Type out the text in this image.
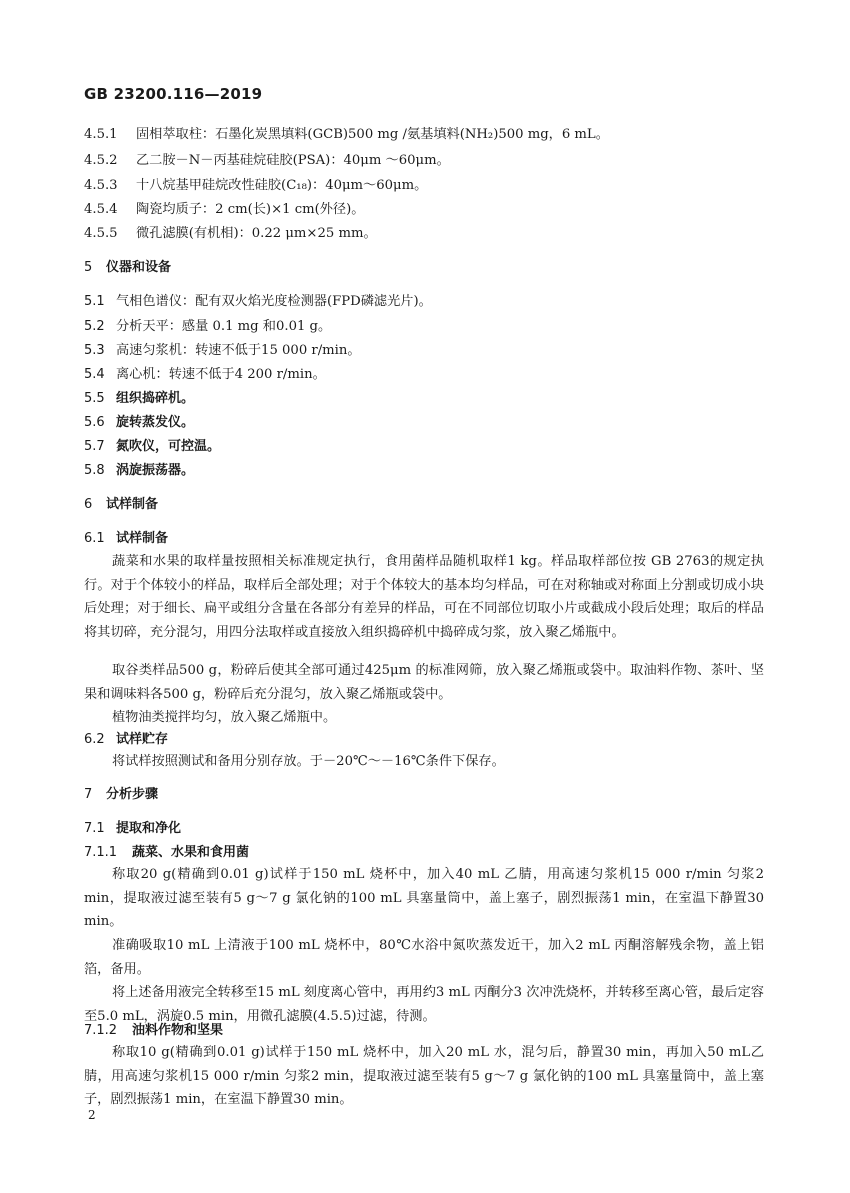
GB 23200.116—2019
4.5.1 固相萃取柱：石墨化炭黑填料(GCB)500 mg /氨基填料(NH₂)500 mg，6 mL。
4.5.2 乙二胺－N－丙基硅烷硅胶(PSA)：40μm ～60μm。
4.5.3 十八烷基甲硅烷改性硅胶(C₁₈)：40μm～60μm。
4.5.4 陶瓷均质子：2 cm(长)×1 cm(外径)。
4.5.5 微孔滤膜(有机相)：0.22 μm×25 mm。
5 仪器和设备
5.1 气相色谱仪：配有双火焰光度检测器(FPD磷滤光片)。
5.2 分析天平：感量 0.1 mg 和0.01 g。
5.3 高速匀浆机：转速不低于15 000 r/min。
5.4 离心机：转速不低于4 200 r/min。
5.5 组织捣碎机。
5.6 旋转蒸发仪。
5.7 氮吹仪，可控温。
5.8 涡旋振荡器。
6 试样制备
6.1 试样制备
蔬菜和水果的取样量按照相关标准规定执行，食用菌样品随机取样1 kg。样品取样部位按 GB 2763的规定执行。对于个体较小的样品，取样后全部处理；对于个体较大的基本均匀样品，可在对称轴或对称面上分割或切成小块后处理；对于细长、扁平或组分含量在各部分有差异的样品，可在不同部位切取小片或截成小段后处理；取后的样品将其切碎，充分混匀，用四分法取样或直接放入组织捣碎机中捣碎成匀浆，放入聚乙烯瓶中。
取谷类样品500 g，粉碎后使其全部可通过425μm 的标准网筛，放入聚乙烯瓶或袋中。取油料作物、茶叶、坚果和调味料各500 g，粉碎后充分混匀，放入聚乙烯瓶或袋中。
植物油类搅拌均匀，放入聚乙烯瓶中。
6.2 试样贮存
将试样按照测试和备用分别存放。于－20℃～－16℃条件下保存。
7 分析步骤
7.1 提取和净化
7.1.1 蔬菜、水果和食用菌
称取20 g(精确到0.01 g)试样于150 mL 烧杯中，加入40 mL 乙腈，用高速匀浆机15 000 r/min 匀浆2 min，提取液过滤至装有5 g～7 g 氯化钠的100 mL 具塞量筒中，盖上塞子，剧烈振荡1 min，在室温下静置30 min。
准确吸取10 mL 上清液于100 mL 烧杯中，80℃水浴中氮吹蒸发近干，加入2 mL 丙酮溶解残余物，盖上铝箔，备用。
将上述备用液完全转移至15 mL 刻度离心管中，再用约3 mL 丙酮分3 次冲洗烧杯，并转移至离心管，最后定容至5.0 mL，涡旋0.5 min，用微孔滤膜(4.5.5)过滤，待测。
7.1.2 油料作物和坚果
称取10 g(精确到0.01 g)试样于150 mL 烧杯中，加入20 mL 水，混匀后，静置30 min，再加入50 mL乙腈，用高速匀浆机15 000 r/min 匀浆2 min，提取液过滤至装有5 g～7 g 氯化钠的100 mL 具塞量筒中，盖上塞子，剧烈振荡1 min，在室温下静置30 min。
2
